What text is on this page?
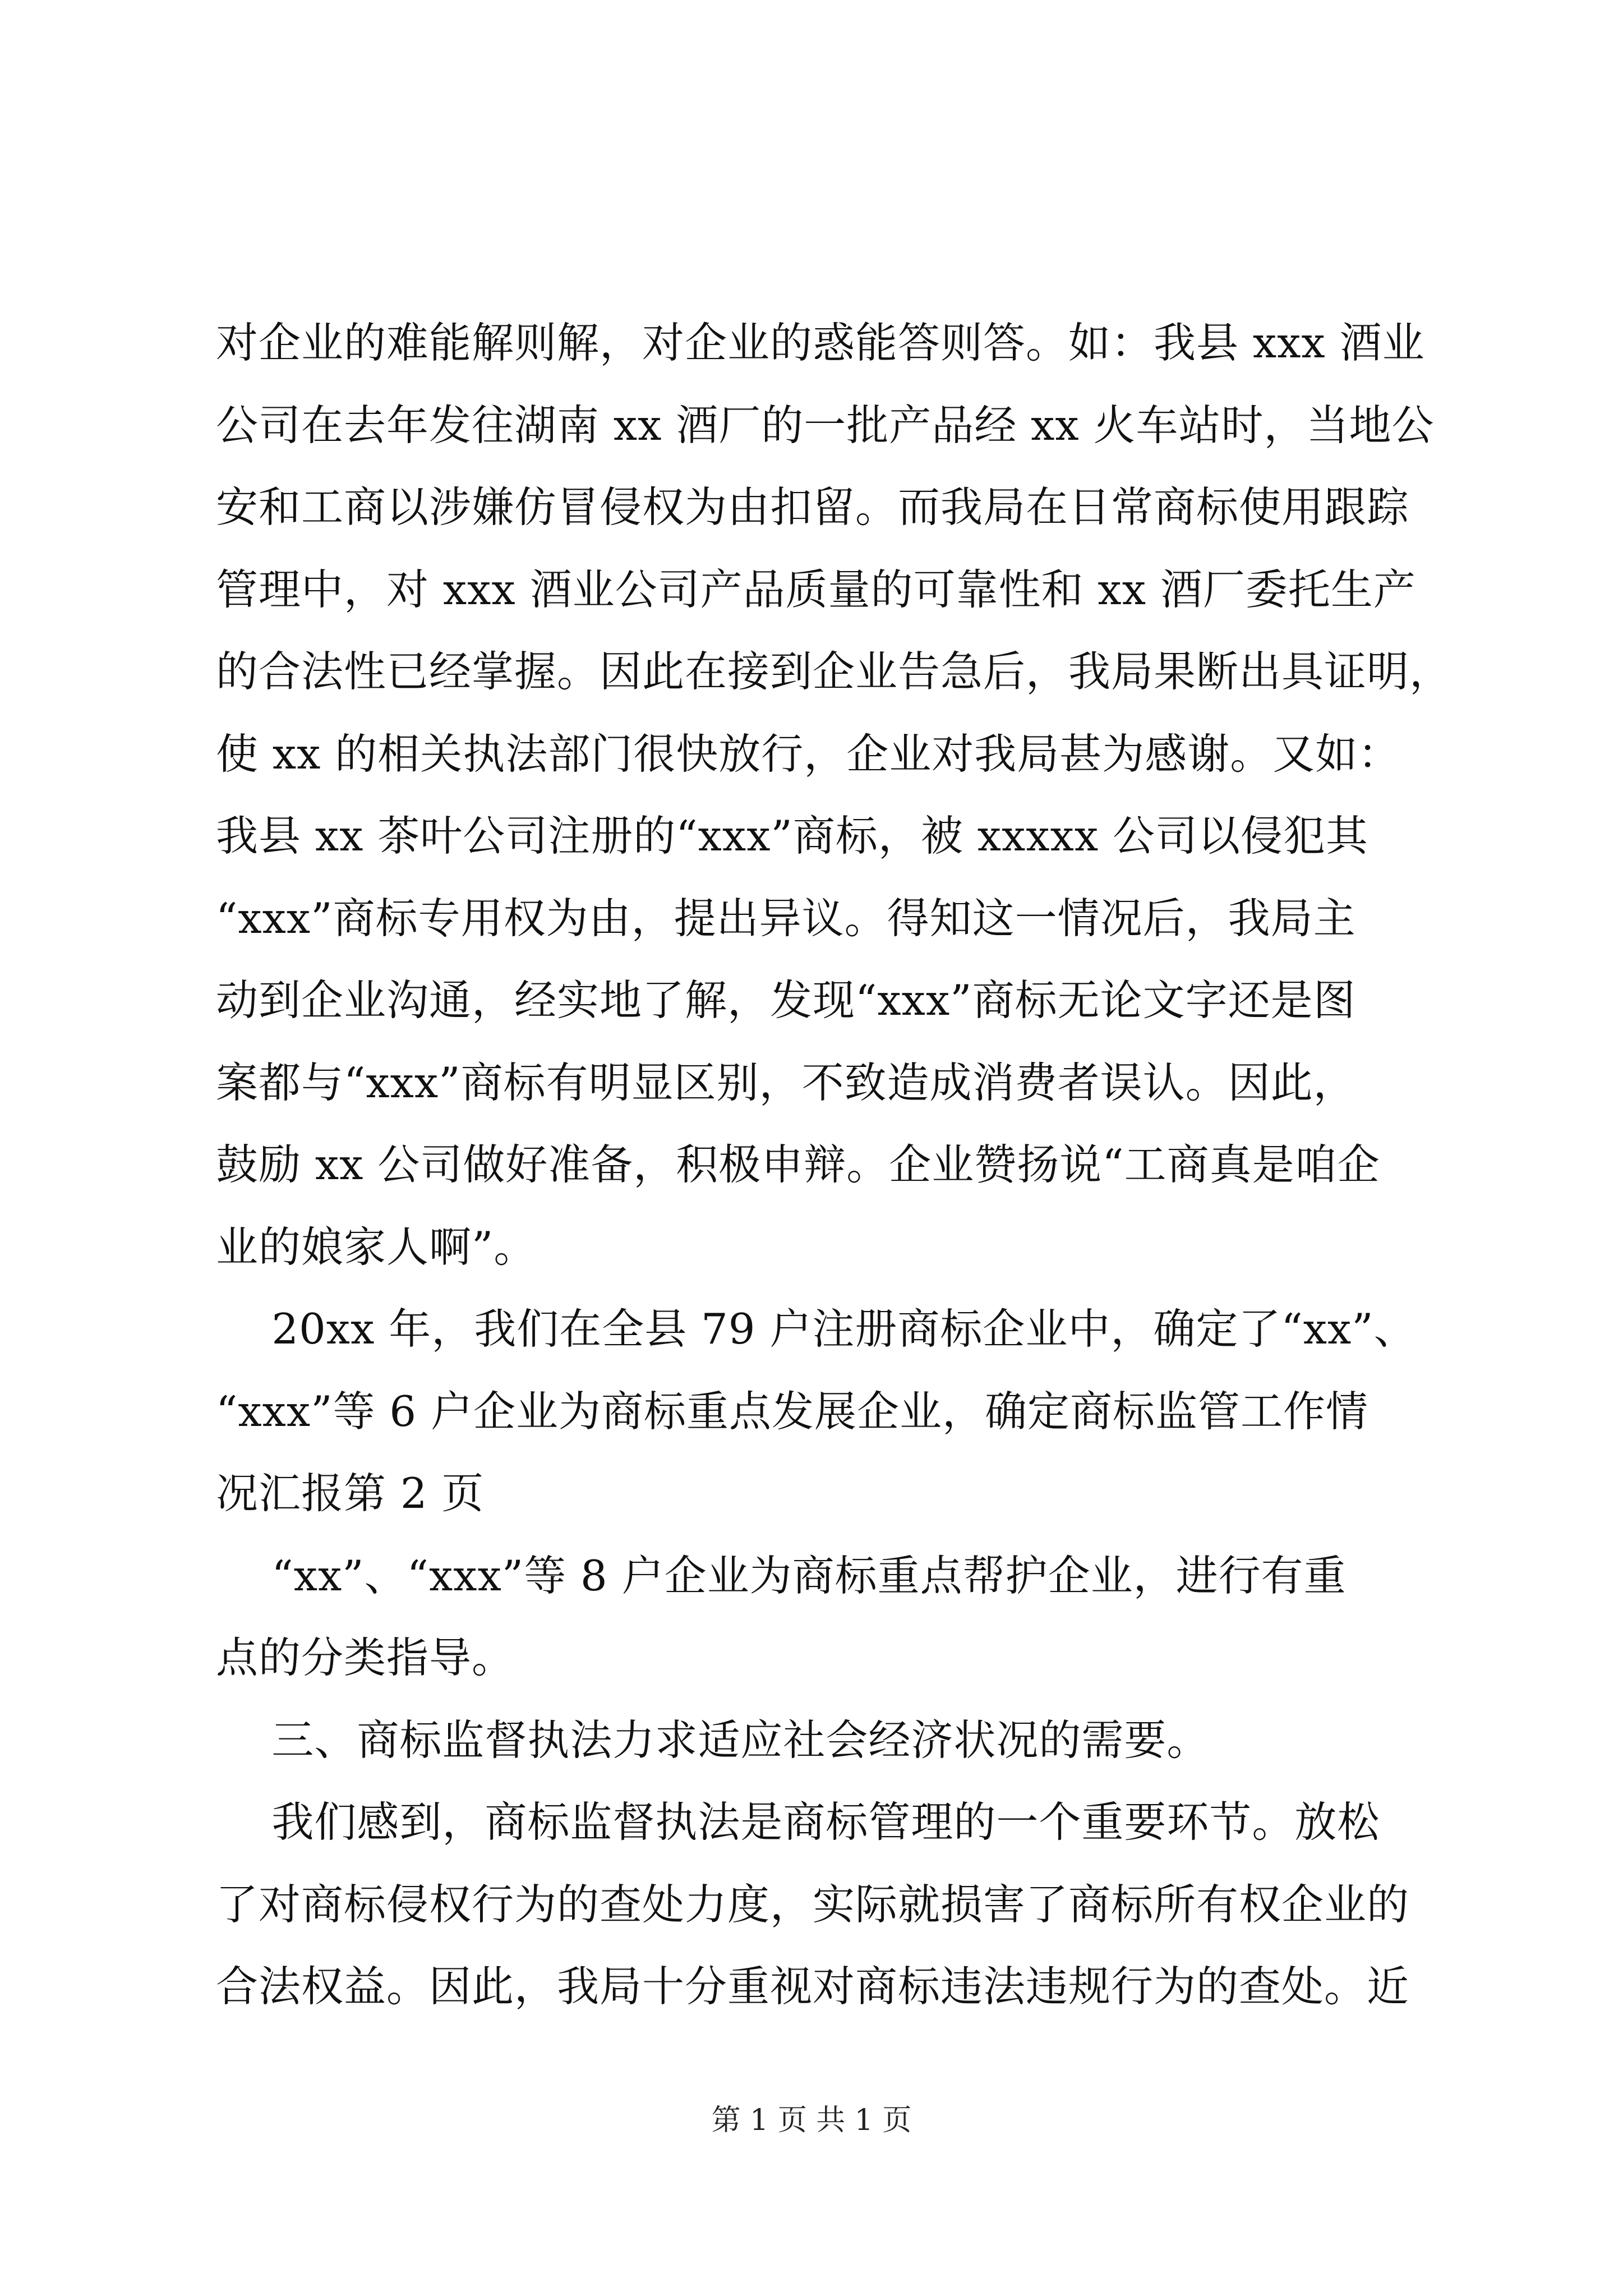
对企业的难能解则解，对企业的惑能答则答。如：我县 xxx 酒业
公司在去年发往湖南 xx 酒厂的一批产品经 xx 火车站时，当地公
安和工商以涉嫌仿冒侵权为由扣留。而我局在日常商标使用跟踪
管理中，对 xxx 酒业公司产品质量的可靠性和 xx 酒厂委托生产
的合法性已经掌握。因此在接到企业告急后，我局果断出具证明，
使 xx 的相关执法部门很快放行，企业对我局甚为感谢。又如：
我县 xx 茶叶公司注册的“xxx”商标，被 xxxxx 公司以侵犯其
“xxx”商标专用权为由，提出异议。得知这一情况后，我局主
动到企业沟通，经实地了解，发现“xxx”商标无论文字还是图
案都与“xxx”商标有明显区别，不致造成消费者误认。因此，
鼓励 xx 公司做好准备，积极申辩。企业赞扬说“工商真是咱企
业的娘家人啊”。
20xx 年，我们在全县 79 户注册商标企业中，确定了“xx”、
“xxx”等 6 户企业为商标重点发展企业，确定商标监管工作情
况汇报第 2 页
“xx”、“xxx”等 8 户企业为商标重点帮护企业，进行有重
点的分类指导。
三、商标监督执法力求适应社会经济状况的需要。
我们感到，商标监督执法是商标管理的一个重要环节。放松
了对商标侵权行为的查处力度，实际就损害了商标所有权企业的
合法权益。因此，我局十分重视对商标违法违规行为的查处。近
第 1 页 共 1 页
